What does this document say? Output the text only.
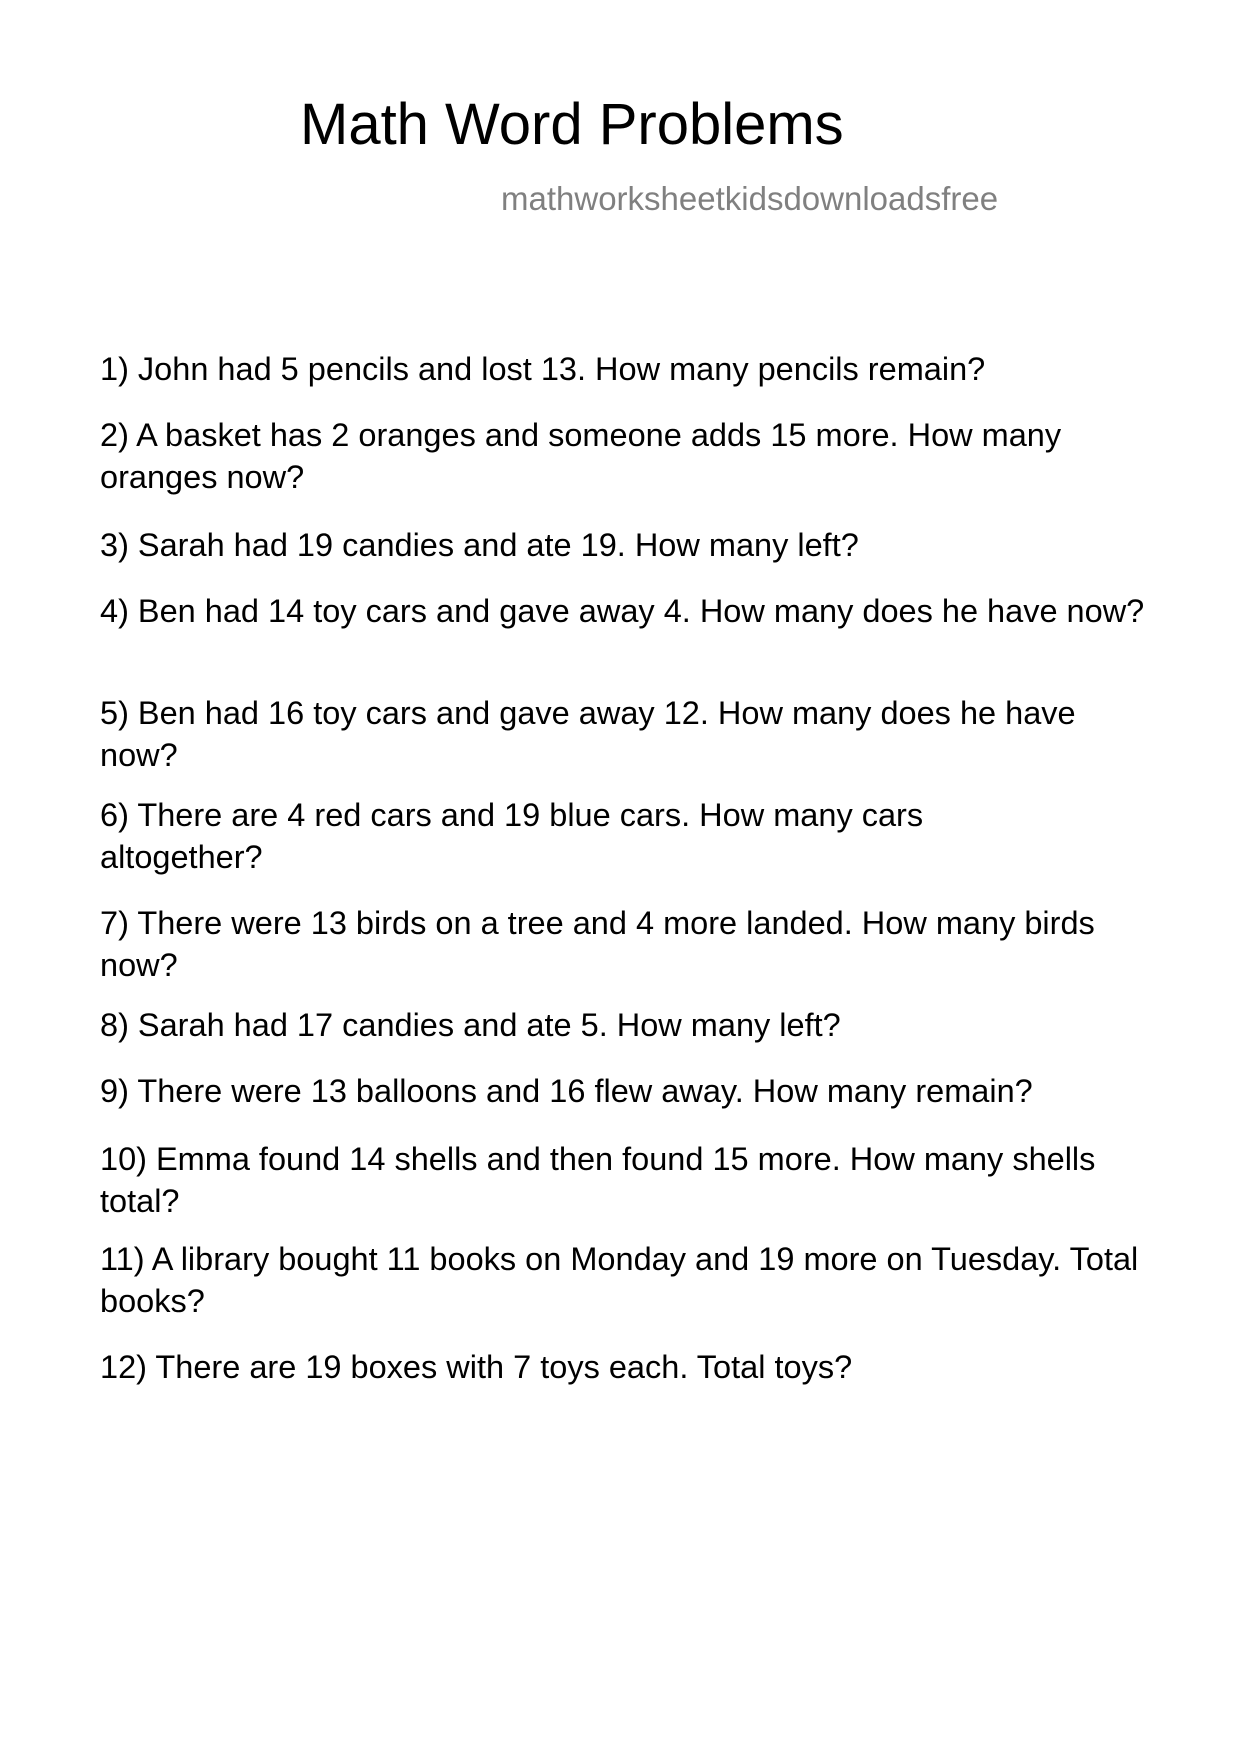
Math Word Problems
mathworksheetkidsdownloadsfree
1) John had 5 pencils and lost 13. How many pencils remain?
2) A basket has 2 oranges and someone adds 15 more. How many oranges now?
3) Sarah had 19 candies and ate 19. How many left?
4) Ben had 14 toy cars and gave away 4. How many does he have now?
5) Ben had 16 toy cars and gave away 12. How many does he have now?
6) There are 4 red cars and 19 blue cars. How many cars altogether?
7) There were 13 birds on a tree and 4 more landed. How many birds now?
8) Sarah had 17 candies and ate 5. How many left?
9) There were 13 balloons and 16 flew away. How many remain?
10) Emma found 14 shells and then found 15 more. How many shells total?
11) A library bought 11 books on Monday and 19 more on Tuesday. Total books?
12) There are 19 boxes with 7 toys each. Total toys?
